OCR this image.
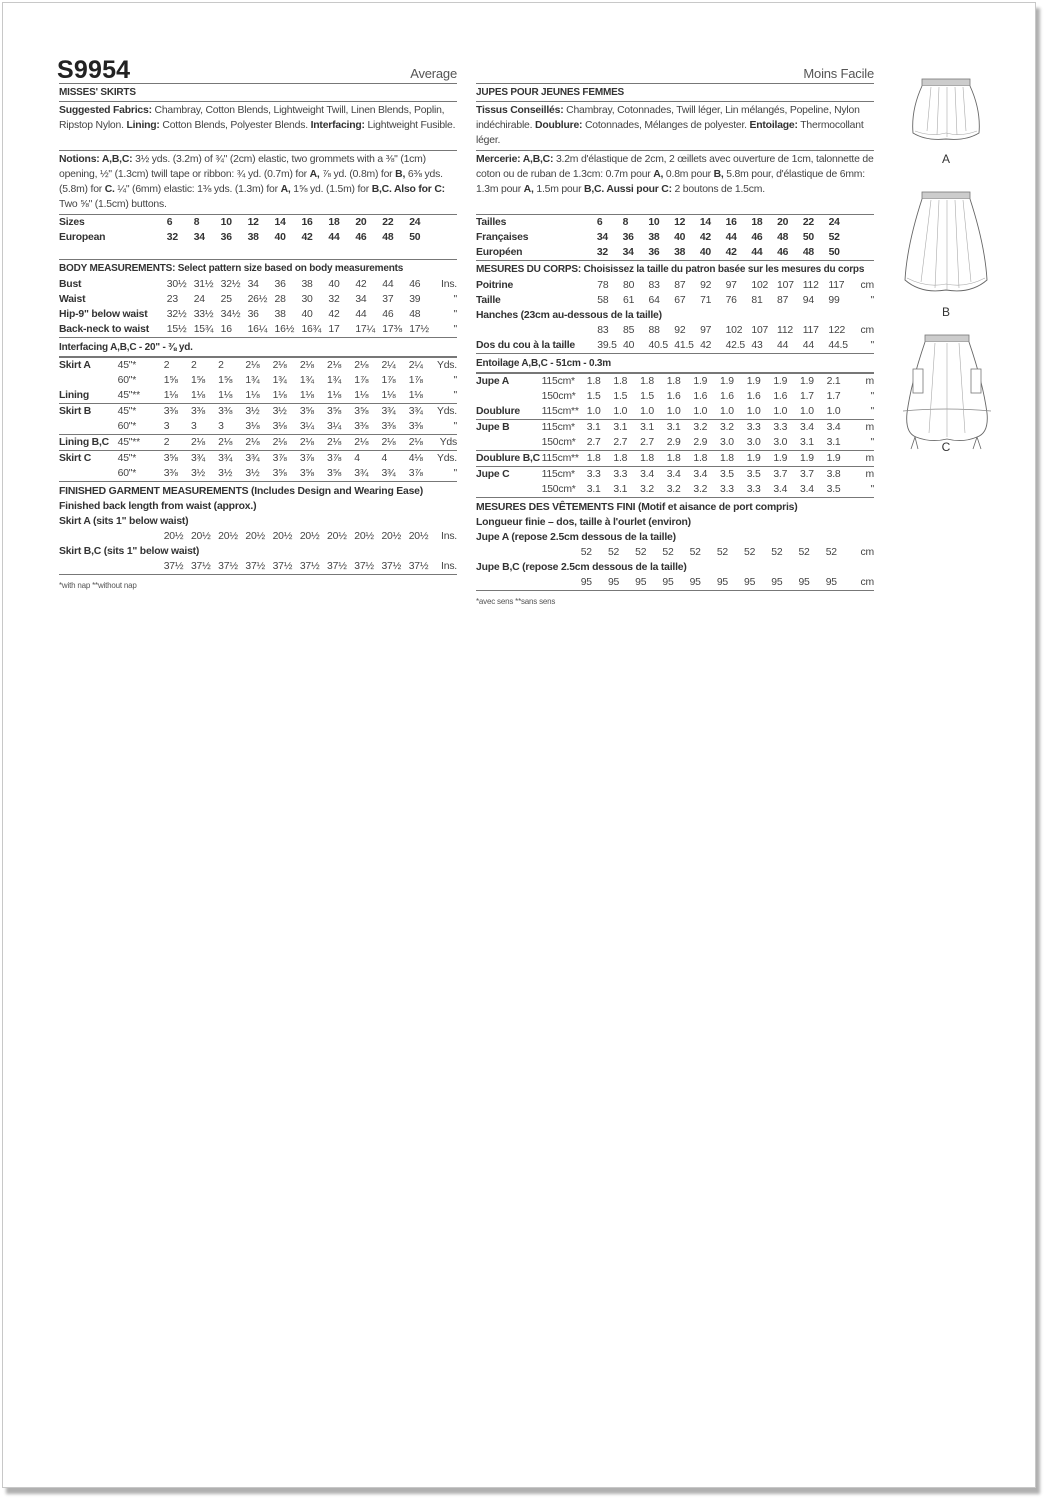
S9954	Average
MISSES' SKIRTS
Suggested Fabrics: Chambray, Cotton Blends, Lightweight Twill, Linen Blends, Poplin, Ripstop Nylon. Lining: Cotton Blends, Polyester Blends. Interfacing: Lightweight Fusible.
Notions: A,B,C: 3½ yds. (3.2m) of ¾" (2cm) elastic, two grommets with a ⅜" (1cm) opening, ½" (1.3cm) twill tape or ribbon: ¾ yd. (0.7m) for A, ⅞ yd. (0.8m) for B, 6⅜ yds. (5.8m) for C. ¼" (6mm) elastic: 1⅜ yds. (1.3m) for A, 1⅝ yd. (1.5m) for B,C. Also for C: Two ⅝" (1.5cm) buttons.
Sizes	6	8	10	12	14	16	18	20	22	24	
European	32	34	36	38	40	42	44	46	48	50	

BODY MEASUREMENTS: Select pattern size based on body measurements
Bust	30½	31½	32½	34	36	38	40	42	44	46	Ins.
Waist	23	24	25	26½	28	30	32	34	37	39	"
Hip-9" below waist	32½	33½	34½	36	38	40	42	44	46	48	"
Back-neck to waist	15½	15¾	16	16¼	16½	16¾	17	17¼	17⅜	17½	"
Interfacing A,B,C - 20" - ⅜ yd.
Skirt A	45"*	2	2	2	2⅛	2⅛	2⅛	2⅛	2⅛	2¼	2¼	Yds.
	60"*	1⅝	1⅝	1⅝	1¾	1¾	1¾	1¾	1⅞	1⅞	1⅞	"
Lining	45"**	1⅛	1⅛	1⅛	1⅛	1⅛	1⅛	1⅛	1⅛	1⅛	1⅛	"
Skirt B	45"*	3⅜	3⅜	3⅜	3½	3½	3⅝	3⅝	3⅝	3¾	3¾	Yds.
	60"*	3	3	3	3⅛	3⅛	3¼	3¼	3⅜	3⅜	3⅜	"
Lining B,C	45"**	2	2⅛	2⅛	2⅛	2⅛	2⅛	2⅛	2⅛	2⅛	2⅛	Yds
Skirt C	45"*	3⅝	3¾	3¾	3¾	3⅞	3⅞	3⅞	4	4	4⅛	Yds.
	60"*	3⅜	3½	3½	3½	3⅝	3⅝	3⅝	3¾	3¾	3⅞	"
FINISHED GARMENT MEASUREMENTS (Includes Design and Wearing Ease)
Finished back length from waist (approx.)
Skirt A (sits 1" below waist)												
		20½	20½	20½	20½	20½	20½	20½	20½	20½	20½	Ins.
Skirt B,C (sits 1" below waist)												
		37½	37½	37½	37½	37½	37½	37½	37½	37½	37½	Ins.
*with nap **without nap
Moins Facile
JUPES POUR JEUNES FEMMES
Tissus Conseillés: Chambray, Cotonnades, Twill léger, Lin mélangés, Popeline, Nylon indéchirable. Doublure: Cotonnades, Mélanges de polyester. Entoilage: Thermocollant léger.
Mercerie: A,B,C: 3.2m d'élastique de 2cm, 2 œillets avec ouverture de 1cm, talonnette de coton ou de ruban de 1.3cm: 0.7m pour A, 0.8m pour B, 5.8m pour, d'élastique de 6mm: 1.3m pour A, 1.5m pour B,C. Aussi pour C: 2 boutons de 1.5cm.
Tailles	6	8	10	12	14	16	18	20	22	24	
Françaises	34	36	38	40	42	44	46	48	50	52	
Européen	32	34	36	38	40	42	44	46	48	50	
MESURES DU CORPS: Choisissez la taille du patron basée sur les mesures du corps
Poitrine	78	80	83	87	92	97	102	107	112	117	cm
Taille	58	61	64	67	71	76	81	87	94	99	"
Hanches (23cm au-dessous de la taille)											
	83	85	88	92	97	102	107	112	117	122	cm
Dos du cou à la taille	39.5	40	40.5	41.5	42	42.5	43	44	44	44.5	"
Entoilage A,B,C - 51cm - 0.3m
Jupe A	115cm*	1.8	1.8	1.8	1.8	1.9	1.9	1.9	1.9	1.9	2.1	m
	150cm*	1.5	1.5	1.5	1.6	1.6	1.6	1.6	1.6	1.7	1.7	"
Doublure	115cm**	1.0	1.0	1.0	1.0	1.0	1.0	1.0	1.0	1.0	1.0	"
Jupe B	115cm*	3.1	3.1	3.1	3.1	3.2	3.2	3.3	3.3	3.4	3.4	m
	150cm*	2.7	2.7	2.7	2.9	2.9	3.0	3.0	3.0	3.1	3.1	"
Doublure B,C	115cm**	1.8	1.8	1.8	1.8	1.8	1.8	1.9	1.9	1.9	1.9	m
Jupe C	115cm*	3.3	3.3	3.4	3.4	3.4	3.5	3.5	3.7	3.7	3.8	m
	150cm*	3.1	3.1	3.2	3.2	3.2	3.3	3.3	3.4	3.4	3.5	"
MESURES DES VÊTEMENTS FINI (Motif et aisance de port compris)
Longueur finie – dos, taille à l'ourlet (environ)
Jupe A (repose 2.5cm dessous de la taille)												
		52	52	52	52	52	52	52	52	52	52	cm
Jupe B,C (repose 2.5cm dessous de la taille)												
		95	95	95	95	95	95	95	95	95	95	cm
*avec sens **sans sens
A
B
C
